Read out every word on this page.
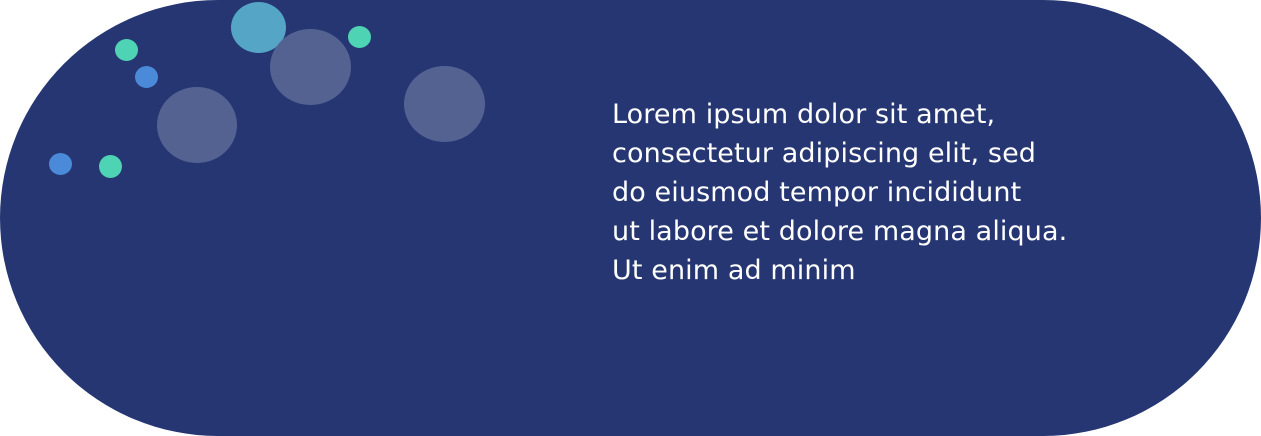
Lorem ipsum dolor sit amet,
consectetur adipiscing elit, sed
do eiusmod tempor incididunt
ut labore et dolore magna aliqua.
Ut enim ad minim
